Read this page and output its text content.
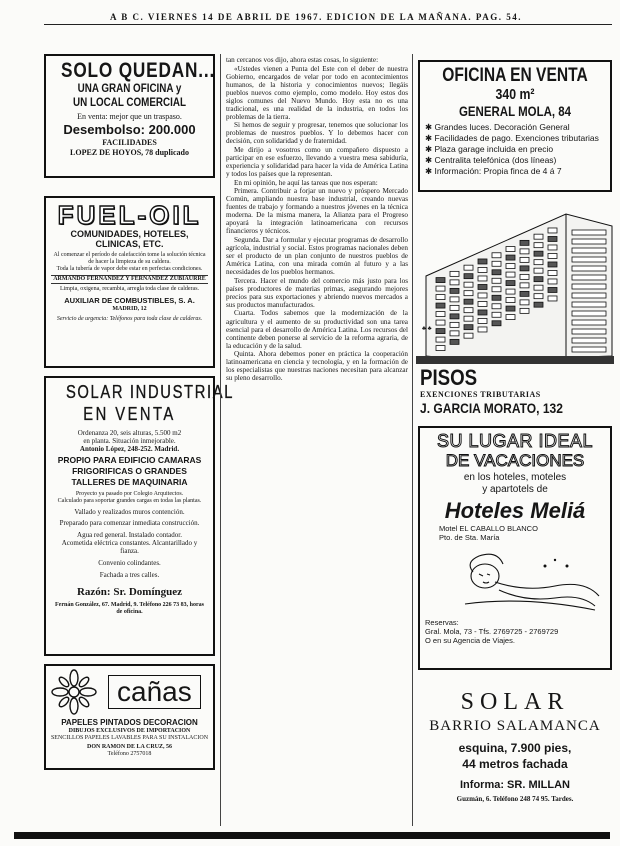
A B C. VIERNES 14 DE ABRIL DE 1967. EDICION DE LA MAÑANA. PAG. 54.
SOLO QUEDAN...
UNA GRAN OFICINA y
UN LOCAL COMERCIAL
En venta: mejor que un traspaso.
Desembolso: 200.000
FACILIDADES
LOPEZ DE HOYOS, 78 duplicado
FUEL-OIL
COMUNIDADES, HOTELES,
CLINICAS, ETC.
Al comenzar el período de calefacción tome la solución técnica de hacer la limpieza de su caldera.
Toda la tubería de vapor debe estar en perfectas condiciones.
ARMANDO FERNANDEZ Y FERNANDEZ ZUBIAURRE
Limpia, oxigena, recambia, arregla toda clase de calderas.
AUXILIAR DE COMBUSTIBLES, S. A.
MADRID, 12
Servicio de urgencia: Teléfonos para toda clase de calderas.
SOLAR INDUSTRIAL
EN VENTA
Ordenanza 20, seis alturas, 5.500 m2
en planta. Situación inmejorable.
Antonio López, 248-252. Madrid.
PROPIO PARA EDIFICIO CAMARAS
FRIGORIFICAS O GRANDES
TALLERES DE MAQUINARIA
Proyecto ya pasado por Colegio Arquitectos.
Calculado para soportar grandes cargas en todas las plantas.
Vallado y realizados muros contención.
Preparado para comenzar inmediata construcción.
Agua red general. Instalado contador.
Acometida eléctrica constantes. Alcantarillado y fianza.
Convenio colindantes.
Fachada a tres calles.
Razón: Sr. Domínguez
Fernán González, 67. Madrid, 9. Teléfono 226 73 83, horas de oficina.
cañas
PAPELES PINTADOS DECORACION
DIBUJOS EXCLUSIVOS DE IMPORTACION
SENCILLOS PAPELES LAVABLES PARA SU INSTALACION
DON RAMON DE LA CRUZ, 56
Teléfono 2757018

tan cercanos vos dijo, ahora estas cosas, lo siguiente:

«Ustedes vienen a Punta del Este con el deber de nuestra Gobierno, encargados de velar por todo en acontecimientos humanos, de la historia y conocimientos nuevos; llegáis pueblos nuevos como ejemplo, como modelo. Hoy estos dos siglos comunes del Nuevo Mundo. Hoy esta no es una tradicional, es una realidad de la industria, en todos los problemas de la tierra.

Si hemos de seguir y progresar, tenemos que solucionar los problemas de nuestros pueblos. Y lo debemos hacer con decisión, con solidaridad y de fraternidad.

Me dirijo a vosotros como un compañero dispuesto a participar en ese esfuerzo, llevando a vuestra mesa sabiduría, experiencia y solidaridad para hacer la vida de América Latina y todos los países que la representan.

En mi opinión, he aquí las tareas que nos esperan:

Primera. Contribuir a forjar un nuevo y próspero Mercado Común, ampliando nuestra base industrial, creando nuevas fuentes de trabajo y formando a nuestros jóvenes en la técnica moderna. De la misma manera, la Alianza para el Progreso apoyará la integración latinoamericana con recursos financieros y técnicos.

Segunda. Dar a formular y ejecutar programas de desarrollo agrícola, industrial y social. Estos programas nacionales deben ser el producto de un plan conjunto de nuestros pueblos de América Latina, con una mirada común al futuro y a las necesidades de los pueblos hermanos.

Tercera. Hacer el mundo del comercio más justo para los países productores de materias primas, asegurando mejores precios para sus exportaciones y abriendo nuevos mercados a sus productos manufacturados.

Cuarta. Todos sabemos que la modernización de la agricultura y el aumento de su productividad son una tarea esencial para el desarrollo de América Latina. Los recursos del continente deben ponerse al servicio de la reforma agraria, de la educación y de la salud.

Quinta. Ahora debemos poner en práctica la cooperación latinoamericana en ciencia y tecnología, y en la formación de los especialistas que nuestras naciones necesitan para alcanzar su pleno desarrollo.

OFICINA EN VENTA
340 m²
GENERAL MOLA, 84
✱ Grandes luces. Decoración General
✱ Facilidades de pago. Exenciones tributarias
✱ Plaza garage incluida en precio
✱ Centralita telefónica (dos líneas)
✱ Información: Propia finca de 4 á 7
♣ ♣
PISOS
EXENCIONES TRIBUTARIAS
J. GARCIA MORATO, 132
SU LUGAR IDEAL
DE VACACIONES
en los hoteles, moteles
y apartotels de
Hoteles Meliá
Motel EL CABALLO BLANCO
Pto. de Sta. María
Reservas:
Gral. Mola, 73 - Tfs. 2769725 - 2769729
O en su Agencia de Viajes.
SOLAR
BARRIO SALAMANCA
esquina, 7.900 pies,
44 metros fachada
Informa: SR. MILLAN
Guzmán, 6. Teléfono 248 74 95. Tardes.
